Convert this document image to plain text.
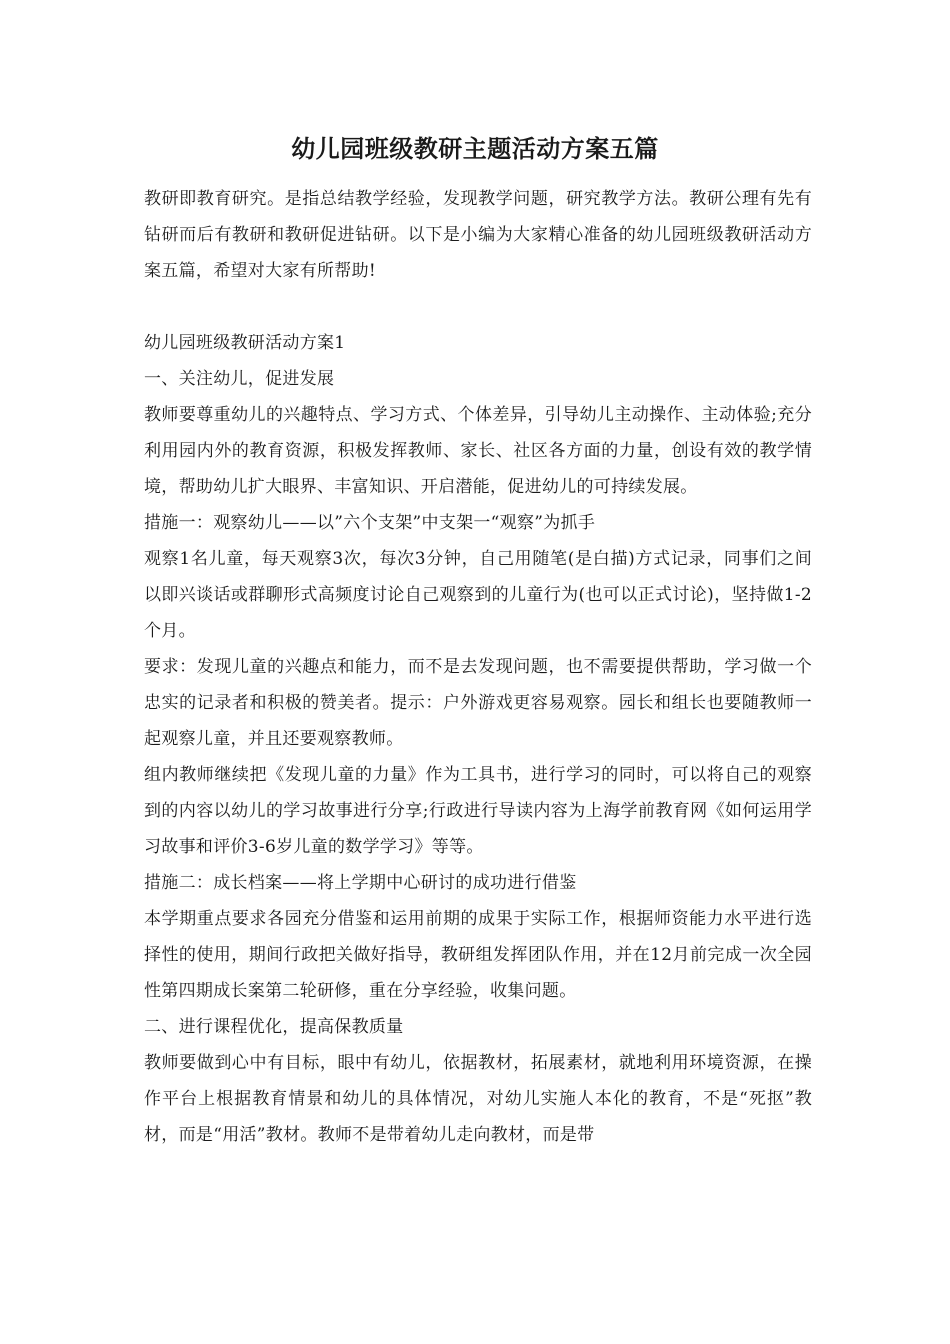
幼儿园班级教研主题活动方案五篇

教研即教育研究。是指总结教学经验，发现教学问题，研究教学方法。教研公理有先有钻研而后有教研和教研促进钻研。以下是小编为大家精心准备的幼儿园班级教研活动方案五篇，希望对大家有所帮助!

幼儿园班级教研活动方案1

一、关注幼儿，促进发展

教师要尊重幼儿的兴趣特点、学习方式、个体差异，引导幼儿主动操作、主动体验;充分利用园内外的教育资源，积极发挥教师、家长、社区各方面的力量，创设有效的教学情境，帮助幼儿扩大眼界、丰富知识、开启潜能，促进幼儿的可持续发展。

措施一：观察幼儿——以”六个支架”中支架一“观察”为抓手

观察1名儿童，每天观察3次，每次3分钟，自己用随笔(是白描)方式记录，同事们之间以即兴谈话或群聊形式高频度讨论自己观察到的儿童行为(也可以正式讨论)，坚持做1-2个月。

要求：发现儿童的兴趣点和能力，而不是去发现问题，也不需要提供帮助，学习做一个忠实的记录者和积极的赞美者。提示：户外游戏更容易观察。园长和组长也要随教师一起观察儿童，并且还要观察教师。

组内教师继续把《发现儿童的力量》作为工具书，进行学习的同时，可以将自己的观察到的内容以幼儿的学习故事进行分享;行政进行导读内容为上海学前教育网《如何运用学习故事和评价3-6岁儿童的数学学习》等等。

措施二：成长档案——将上学期中心研讨的成功进行借鉴

本学期重点要求各园充分借鉴和运用前期的成果于实际工作，根据师资能力水平进行选择性的使用，期间行政把关做好指导，教研组发挥团队作用，并在12月前完成一次全园性第四期成长案第二轮研修，重在分享经验，收集问题。

二、进行课程优化，提高保教质量

教师要做到心中有目标，眼中有幼儿，依据教材，拓展素材，就地利用环境资源，在操作平台上根据教育情景和幼儿的具体情况，对幼儿实施人本化的教育，不是“死抠”教材，而是“用活”教材。教师不是带着幼儿走向教材，而是带
